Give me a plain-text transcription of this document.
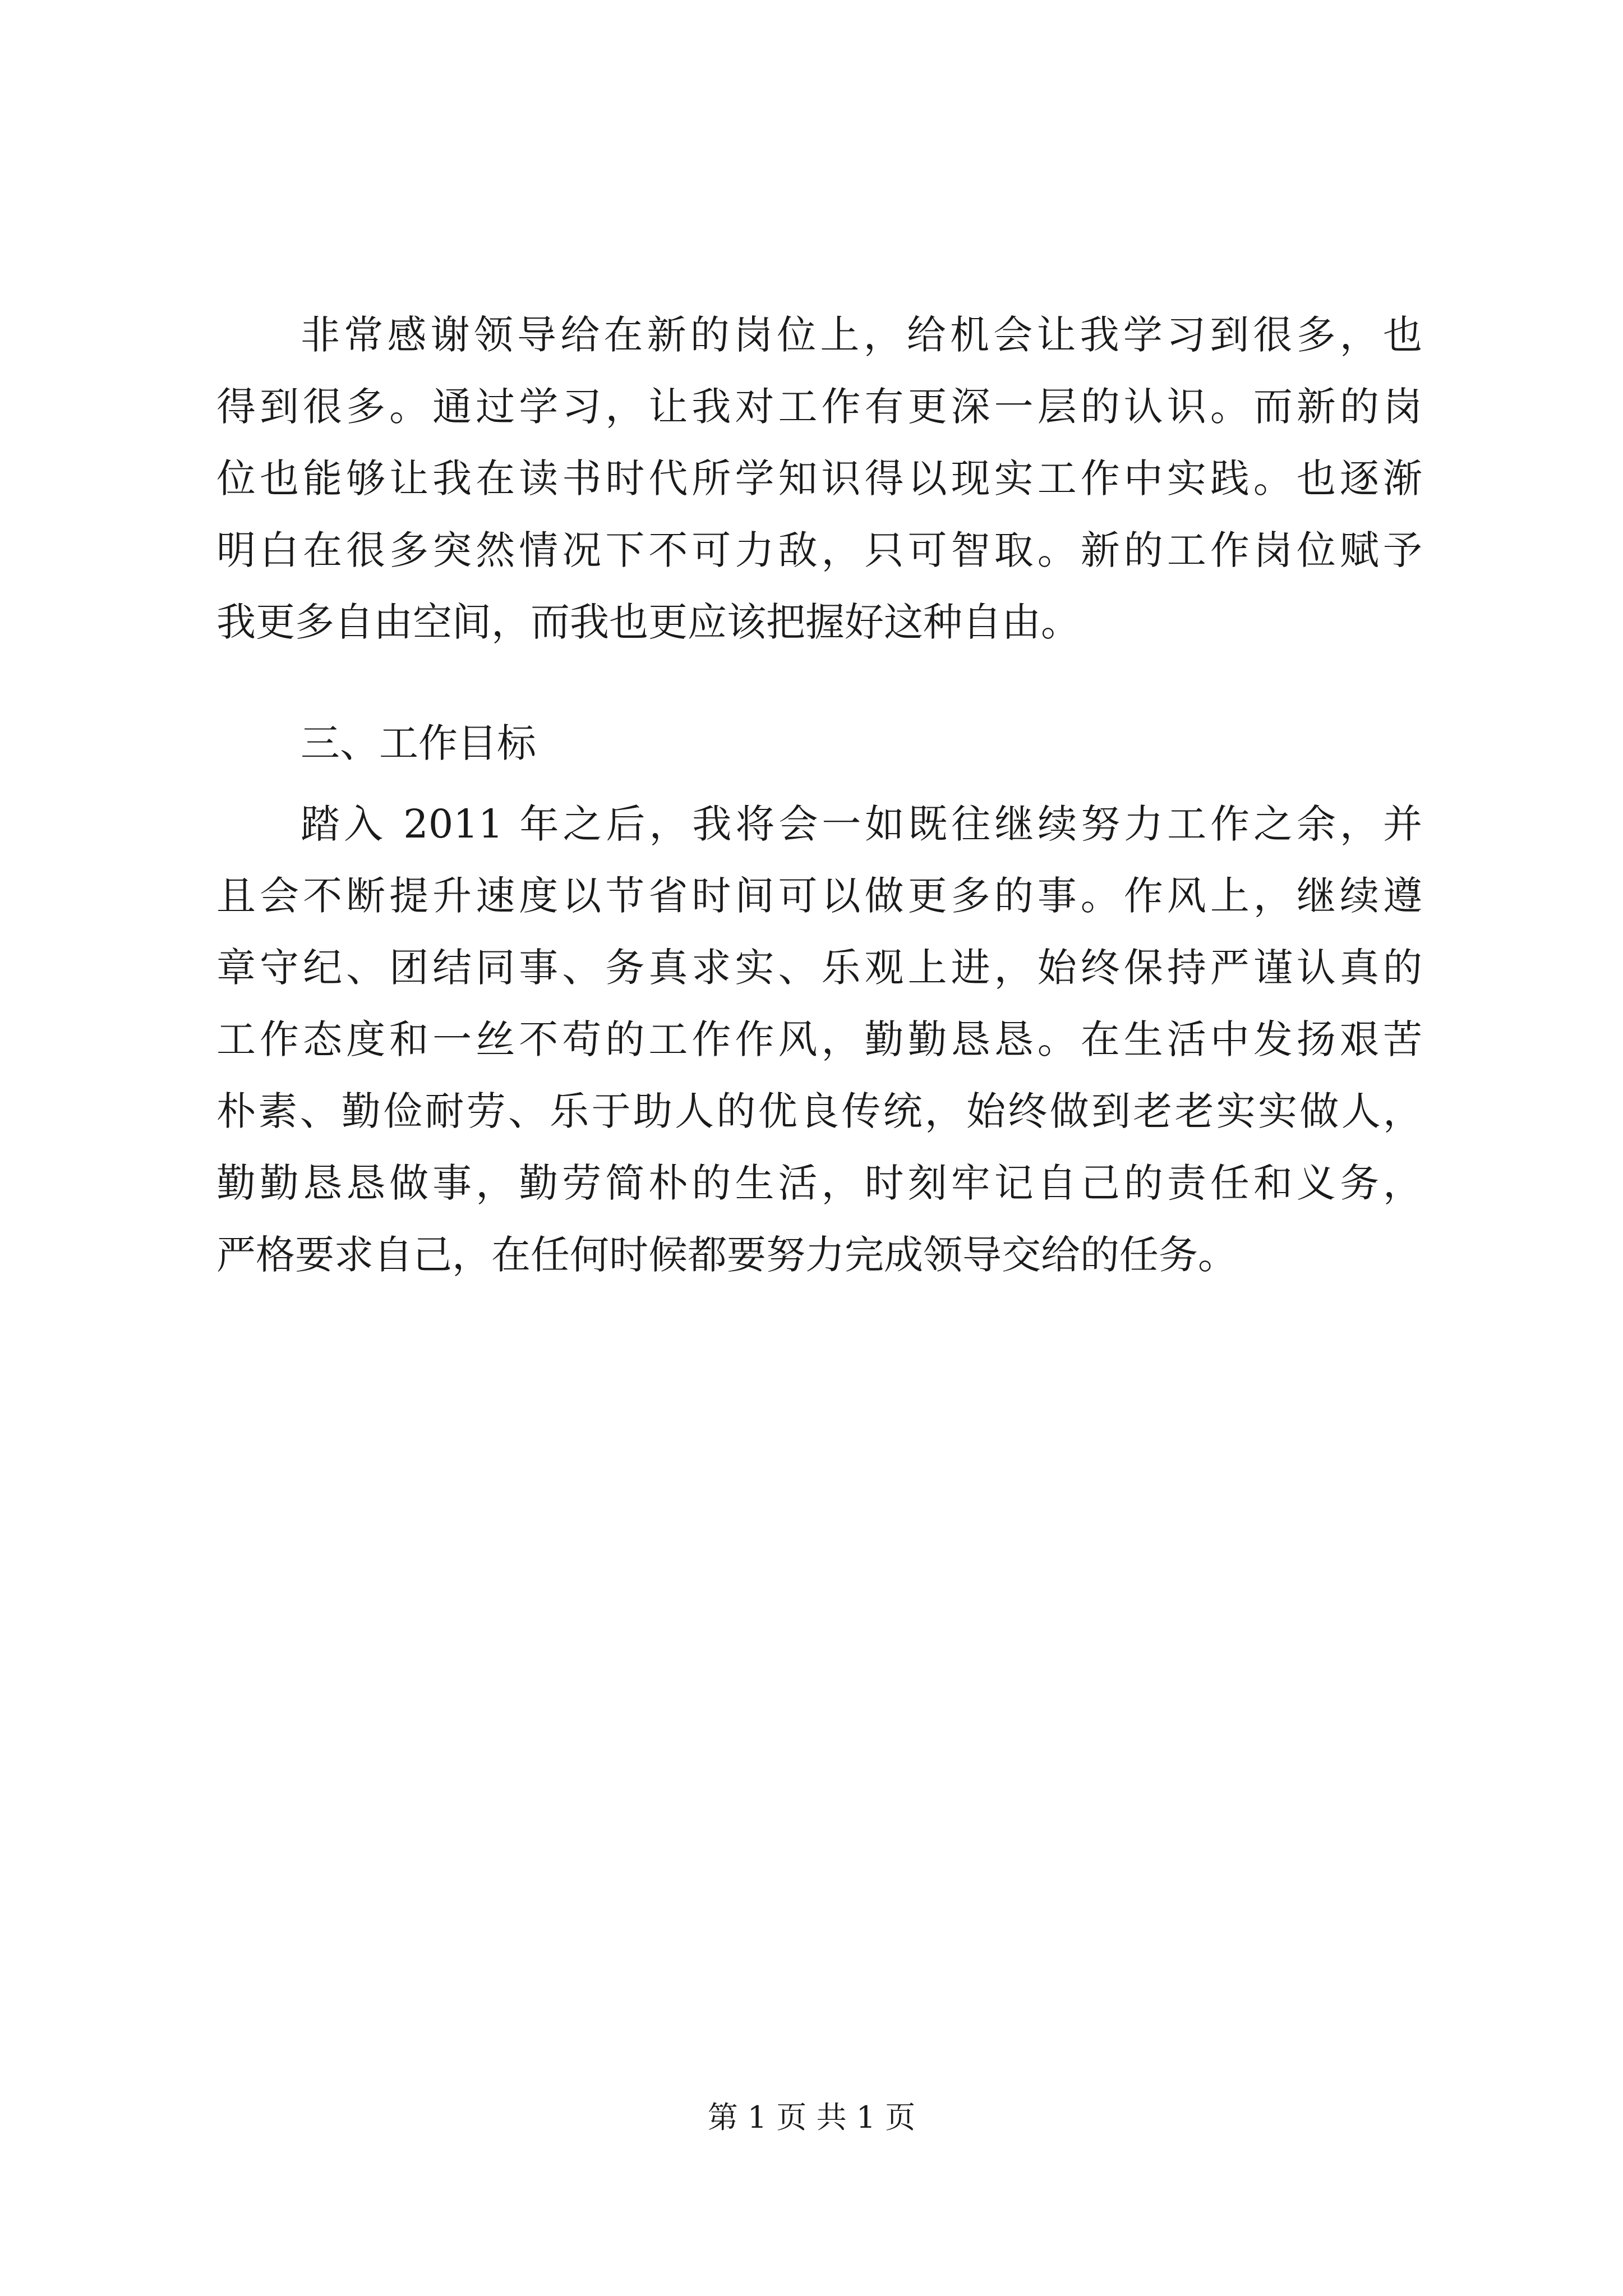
非常感谢领导给在新的岗位上，给机会让我学习到很多，也
得到很多。通过学习，让我对工作有更深一层的认识。而新的岗
位也能够让我在读书时代所学知识得以现实工作中实践。也逐渐
明白在很多突然情况下不可力敌，只可智取。新的工作岗位赋予
我更多自由空间，而我也更应该把握好这种自由。
三、工作目标
踏入 2011 年之后，我将会一如既往继续努力工作之余，并
且会不断提升速度以节省时间可以做更多的事。作风上，继续遵
章守纪、团结同事、务真求实、乐观上进，始终保持严谨认真的
工作态度和一丝不苟的工作作风，勤勤恳恳。在生活中发扬艰苦
朴素、勤俭耐劳、乐于助人的优良传统，始终做到老老实实做人，
勤勤恳恳做事，勤劳简朴的生活，时刻牢记自己的责任和义务，
严格要求自己，在任何时候都要努力完成领导交给的任务。
第 1 页 共 1 页
